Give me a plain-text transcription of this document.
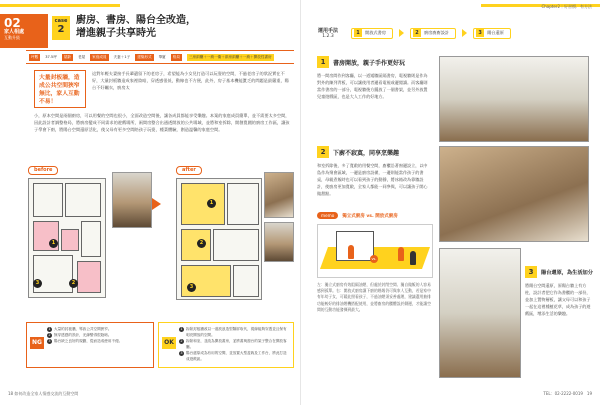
02
家人相處
互動升級
case
2
廚房、書房、陽台全改造，
增進親子共享時光
坪數	37.5坪	屋齡	老屋	家庭成員	夫妻＋1子	建築形式	華廈	格局	三房兩廳＋一廚一衛＋兩房兩廳＋一廚＋開放性書房
大量封板牆，造成公共空間狹窄無比，家人互動不易！
這對年輕夫妻接手長輩遺留下的老房子，希望能為小女兒打造可以玩耍的空間，不過老房子的狀況實在不好，大量封板牆造成家裡陰暗，穿透感很低，動線也不方便，此外，房子基本機能匱乏的問題是最嚴重，陽台不好曬衣，廚房太
小，原本空間是兩個廚房，可以用餐的空間也很小，全面改造空間後，讓各成員都能享受樂趣。本案的家庭成員簡單，並不需要太多空間，因此設計者調整格局，將廚房變成不同需求的遊戲場所，兩間房整合出通透開放的公共場域，並將和室拆除，開創寬闊的廚房工作區，讓孩子學會下廚，將陽台空間還原活化，使父母有更多空間陪孩子玩耍，種菜體驗，創造溫馨的家庭空間。
before
1
2
3
after
1
2
3
NG
1 大量的封板牆，導致公共空間狹窄。
2 無穿透感的設計，光線變得很陰暗。
3 陽台缺乏良好的規劃，從而造成使用不便。	OK
1 拆除封板牆改以一道波浪造型隔屏取代，視線能夠穿透並且保有明亮開放的空間。
2 拆除和室，並改為開放書房，並將書與窗台的架子整合在開放客廳。
3 陽台還原成為有用的空間，並放置大型盆栽及工作台，將此打造成遊戲區。
18 如何改造全家人情感交流的互動空間
Chapter2｜好習慣．有方法
運用手法
1.2.3
1	開放式書房	2	廚房廚廚設計	3	陽台還原
1	書房開放，親子手作更好玩
將一間房間作到客廳，以一道矮牆區隔書房，電視牆則是作為對外的陳列背板，可以讓使用者邊看電視或邊閱讀。而客廳則當作書房的一部分，電視牆後方擺放了一個書架，並另外放置兒童遊戲區，也是大人工作的好地方。
2	下廚不寂寞，同享烹樂趣
和室拆除後，多了寬敞的用餐空間，廚櫃沿著窗邊設立，以中島作為聚會區域，一邊是廚房設備，一邊則能當作孩子的書桌，母親煮飯時也可以看到孩子的動靜，將冰箱改為靠牆設計，使廚房更加寬敞，全家人都能一同參與，可以讓孩子開心做甜點。
memo	獨立式廚房 vs. 開放式廚房
vs.
左：獨立式廚房有效阻隔油煙，但處於封閉空間、獨自做飯的人容易感到孤單。右：開放式廚房讓下廚的媽媽仍可與家人互動，若是家中有年幼子女，可藉此照看孩子，不過油煙須妥善處理，建議選用抽排功能較好的排油煙機搭配使用，並將廚房的櫃體設於側邊，才能讓空間的互動功能發揮到最大。
3	陽台還原，為生活加分
將陽台空間還原，原陽台牆上有方柱，設計者把它作為書櫃的一部份，並加上置物層板，讓父母可以和孩子一起在這裡種植花草，成為孩子的遊戲區，增添生活的樂趣。
TEL：02-2222-0019　19
